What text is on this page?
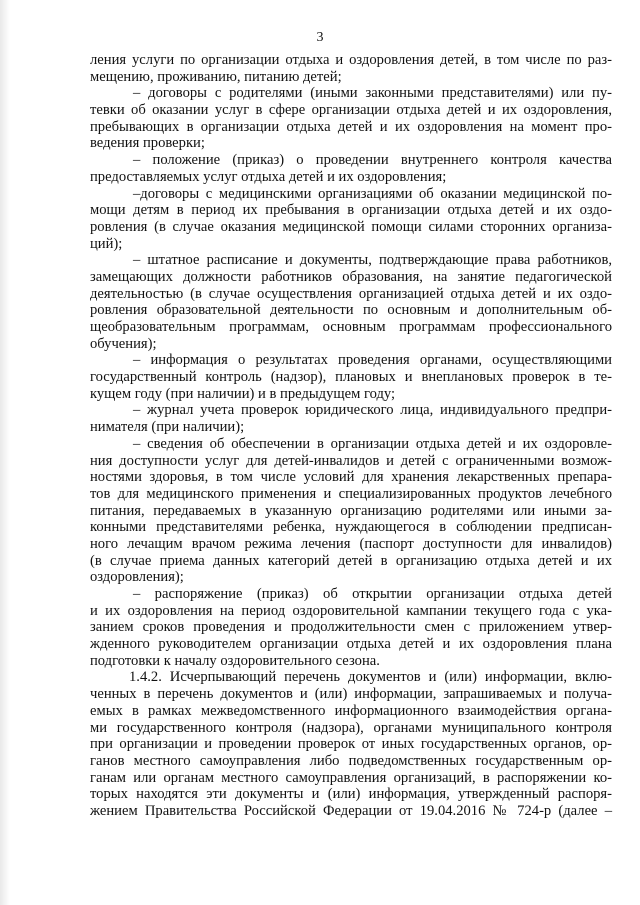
3
ления услуги по организации отдыха и оздоровления детей, в том числе по раз-
мещению, проживанию, питанию детей;
– договоры с родителями (иными законными представителями) или пу-
тевки об оказании услуг в сфере организации отдыха детей и их оздоровления,
пребывающих в организации отдыха детей и их оздоровления на момент про-
ведения проверки;
– положение (приказ) о проведении внутреннего контроля качества
предоставляемых услуг отдыха детей и их оздоровления;
–договоры с медицинскими организациями об оказании медицинской по-
мощи детям в период их пребывания в организации отдыха детей и их оздо-
ровления (в случае оказания медицинской помощи силами сторонних организа-
ций);
– штатное расписание и документы, подтверждающие права работников,
замещающих должности работников образования, на занятие педагогической
деятельностью (в случае осуществления организацией отдыха детей и их оздо-
ровления образовательной деятельности по основным и дополнительным об-
щеобразовательным программам, основным программам профессионального
обучения);
– информация о результатах проведения органами, осуществляющими
государственный контроль (надзор), плановых и внеплановых проверок в те-
кущем году (при наличии) и в предыдущем году;
– журнал учета проверок юридического лица, индивидуального предпри-
нимателя (при наличии);
– сведения об обеспечении в организации отдыха детей и их оздоровле-
ния доступности услуг для детей-инвалидов и детей с ограниченными возмож-
ностями здоровья, в том числе условий для хранения лекарственных препара-
тов для медицинского применения и специализированных продуктов лечебного
питания, передаваемых в указанную организацию родителями или иными за-
конными представителями ребенка, нуждающегося в соблюдении предписан-
ного лечащим врачом режима лечения (паспорт доступности для инвалидов)
(в случае приема данных категорий детей в организацию отдыха детей и их
оздоровления);
– распоряжение (приказ) об открытии организации отдыха детей
и их оздоровления на период оздоровительной кампании текущего года с ука-
занием сроков проведения и продолжительности смен с приложением утвер-
жденного руководителем организации отдыха детей и их оздоровления плана
подготовки к началу оздоровительного сезона.
1.4.2. Исчерпывающий перечень документов и (или) информации, вклю-
ченных в перечень документов и (или) информации, запрашиваемых и получа-
емых в рамках межведомственного информационного взаимодействия органа-
ми государственного контроля (надзора), органами муниципального контроля
при организации и проведении проверок от иных государственных органов, ор-
ганов местного самоуправления либо подведомственных государственным ор-
ганам или органам местного самоуправления организаций, в распоряжении ко-
торых находятся эти документы и (или) информация, утвержденный распоря-
жением Правительства Российской Федерации от 19.04.2016 № 724-р (далее –
